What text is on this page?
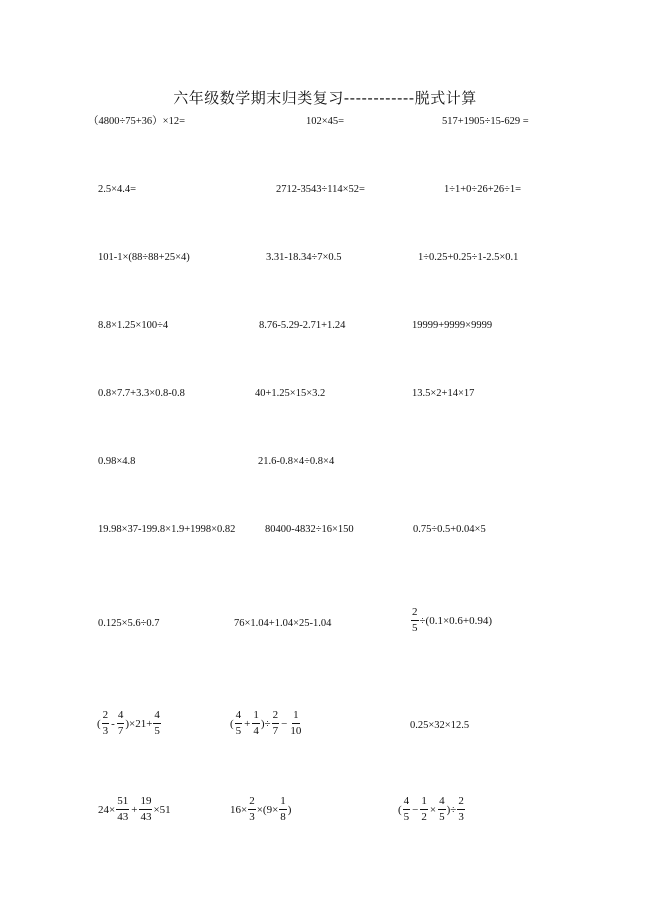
六年级数学期末归类复习------------脱式计算
（4800÷75+36）×12=	102×45=	517+1905÷15-629 =
2.5×4.4=	2712-3543÷114×52=	1÷1+0÷26+26÷1=
101-1×(88÷88+25×4)	3.31-18.34÷7×0.5	1÷0.25+0.25÷1-2.5×0.1
8.8×1.25×100÷4	8.76-5.29-2.71+1.24	19999+9999×9999
0.8×7.7+3.3×0.8-0.8	40+1.25×15×3.2	13.5×2+14×17
0.98×4.8	21.6-0.8×4÷0.8×4
19.98×37-199.8×1.9+1998×0.82	80400-4832÷16×150	0.75÷0.5+0.04×5
0.125×5.6÷0.7	76×1.04+1.04×25-1.04	$\frac{2}{5} \div(0.1\times 0.6+0.94)$
( $\frac{2}{3} - \frac{4}{7} )\times 21+ \frac{4}{5}$	( $\frac{4}{5} + \frac{1}{4}$ )÷ $\frac{2}{7} - \frac{1}{10}$	0.25×32×12.5
$24\times \frac{51}{43} + \frac{19}{43} \times 51$	$16\times \frac{2}{3} \times(9\times \frac{1}{8}$ )	( $\frac{4}{5} - \frac{1}{2} \times \frac{4}{5}$ )÷ $\frac{2}{3}$
